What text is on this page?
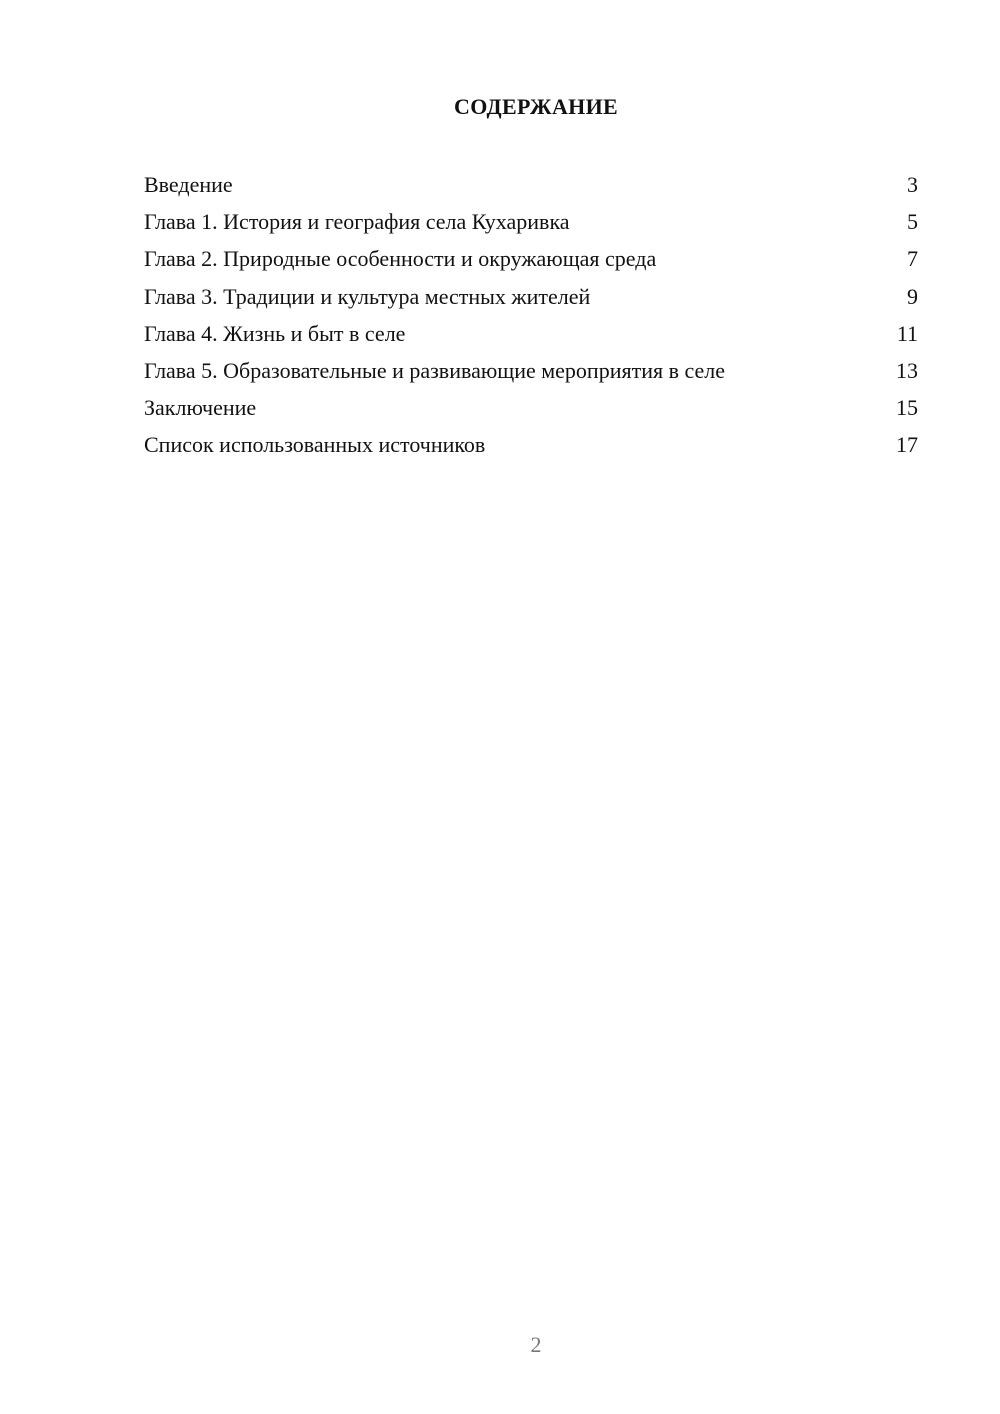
СОДЕРЖАНИЕ
Введение	3
Глава 1. История и география села Кухаривка	5
Глава 2. Природные особенности и окружающая среда	7
Глава 3. Традиции и культура местных жителей	9
Глава 4. Жизнь и быт в селе	11
Глава 5. Образовательные и развивающие мероприятия в селе	13
Заключение	15
Список использованных источников	17
2
